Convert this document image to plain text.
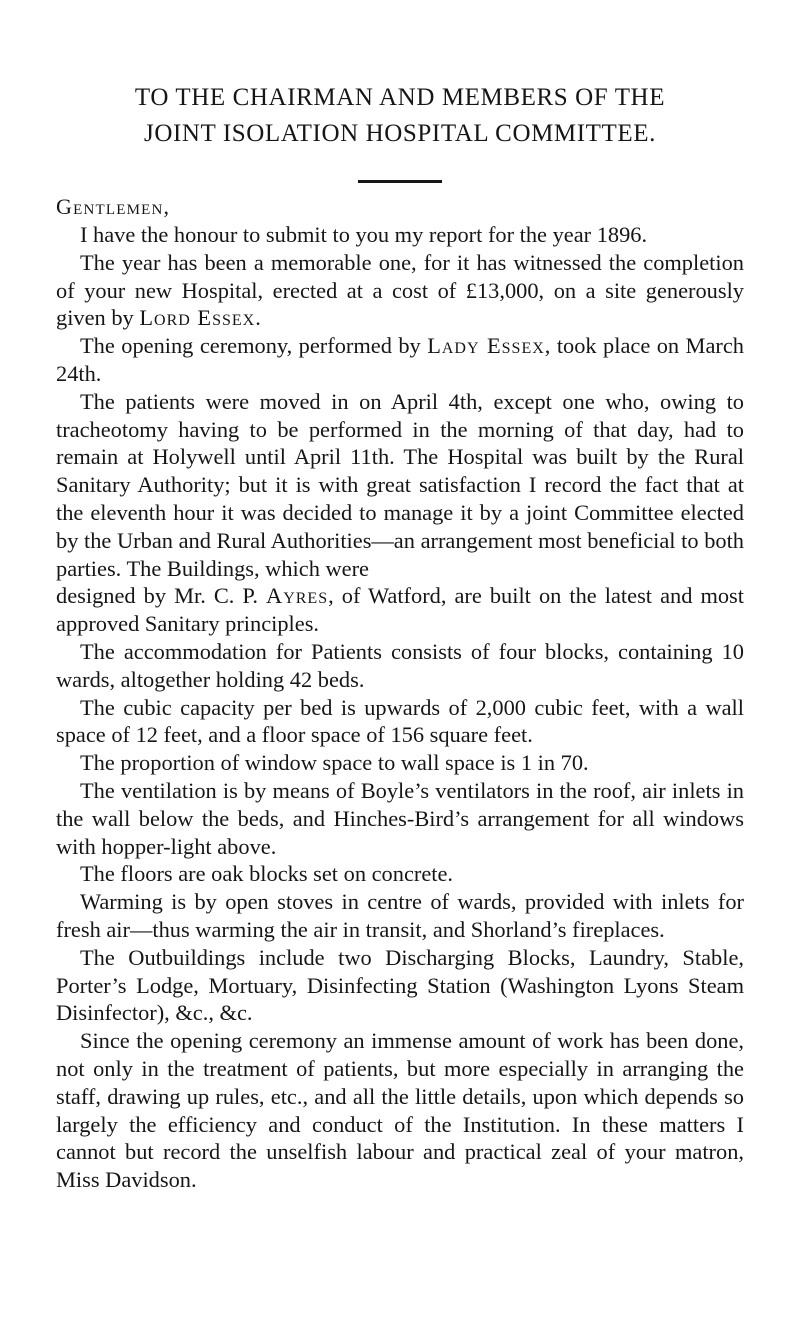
TO THE CHAIRMAN AND MEMBERS OF THE
JOINT ISOLATION HOSPITAL COMMITTEE.

Gentlemen,

I have the honour to submit to you my report for the year 1896.

The year has been a memorable one, for it has witnessed the completion of your new Hospital, erected at a cost of £13,000, on a site generously given by Lord Essex.

The opening ceremony, performed by Lady Essex, took place on March 24th.

The patients were moved in on April 4th, except one who, owing to tracheotomy having to be performed in the morning of that day, had to remain at Holywell until April 11th. The Hospital was built by the Rural Sanitary Authority; but it is with great satisfaction I record the fact that at the eleventh hour it was decided to manage it by a joint Committee elected by the Urban and Rural Authorities—an arrangement most beneficial to both parties. The Buildings, which were

designed by Mr. C. P. Ayres, of Watford, are built on the latest and most approved Sanitary principles.

The accommodation for Patients consists of four blocks, containing 10 wards, altogether holding 42 beds.

The cubic capacity per bed is upwards of 2,000 cubic feet, with a wall space of 12 feet, and a floor space of 156 square feet.

The proportion of window space to wall space is 1 in 70.

The ventilation is by means of Boyle’s ventilators in the roof, air inlets in the wall below the beds, and Hinches-Bird’s arrangement for all windows with hopper-light above.

The floors are oak blocks set on concrete.

Warming is by open stoves in centre of wards, provided with inlets for fresh air—thus warming the air in transit, and Shorland’s fireplaces.

The Outbuildings include two Discharging Blocks, Laundry, Stable, Porter’s Lodge, Mortuary, Disinfecting Station (Washington Lyons Steam Disinfector), &c., &c.

Since the opening ceremony an immense amount of work has been done, not only in the treatment of patients, but more especially in arranging the staff, drawing up rules, etc., and all the little details, upon which depends so largely the efficiency and conduct of the Institution. In these matters I cannot but record the unselfish labour and practical zeal of your matron, Miss Davidson.
